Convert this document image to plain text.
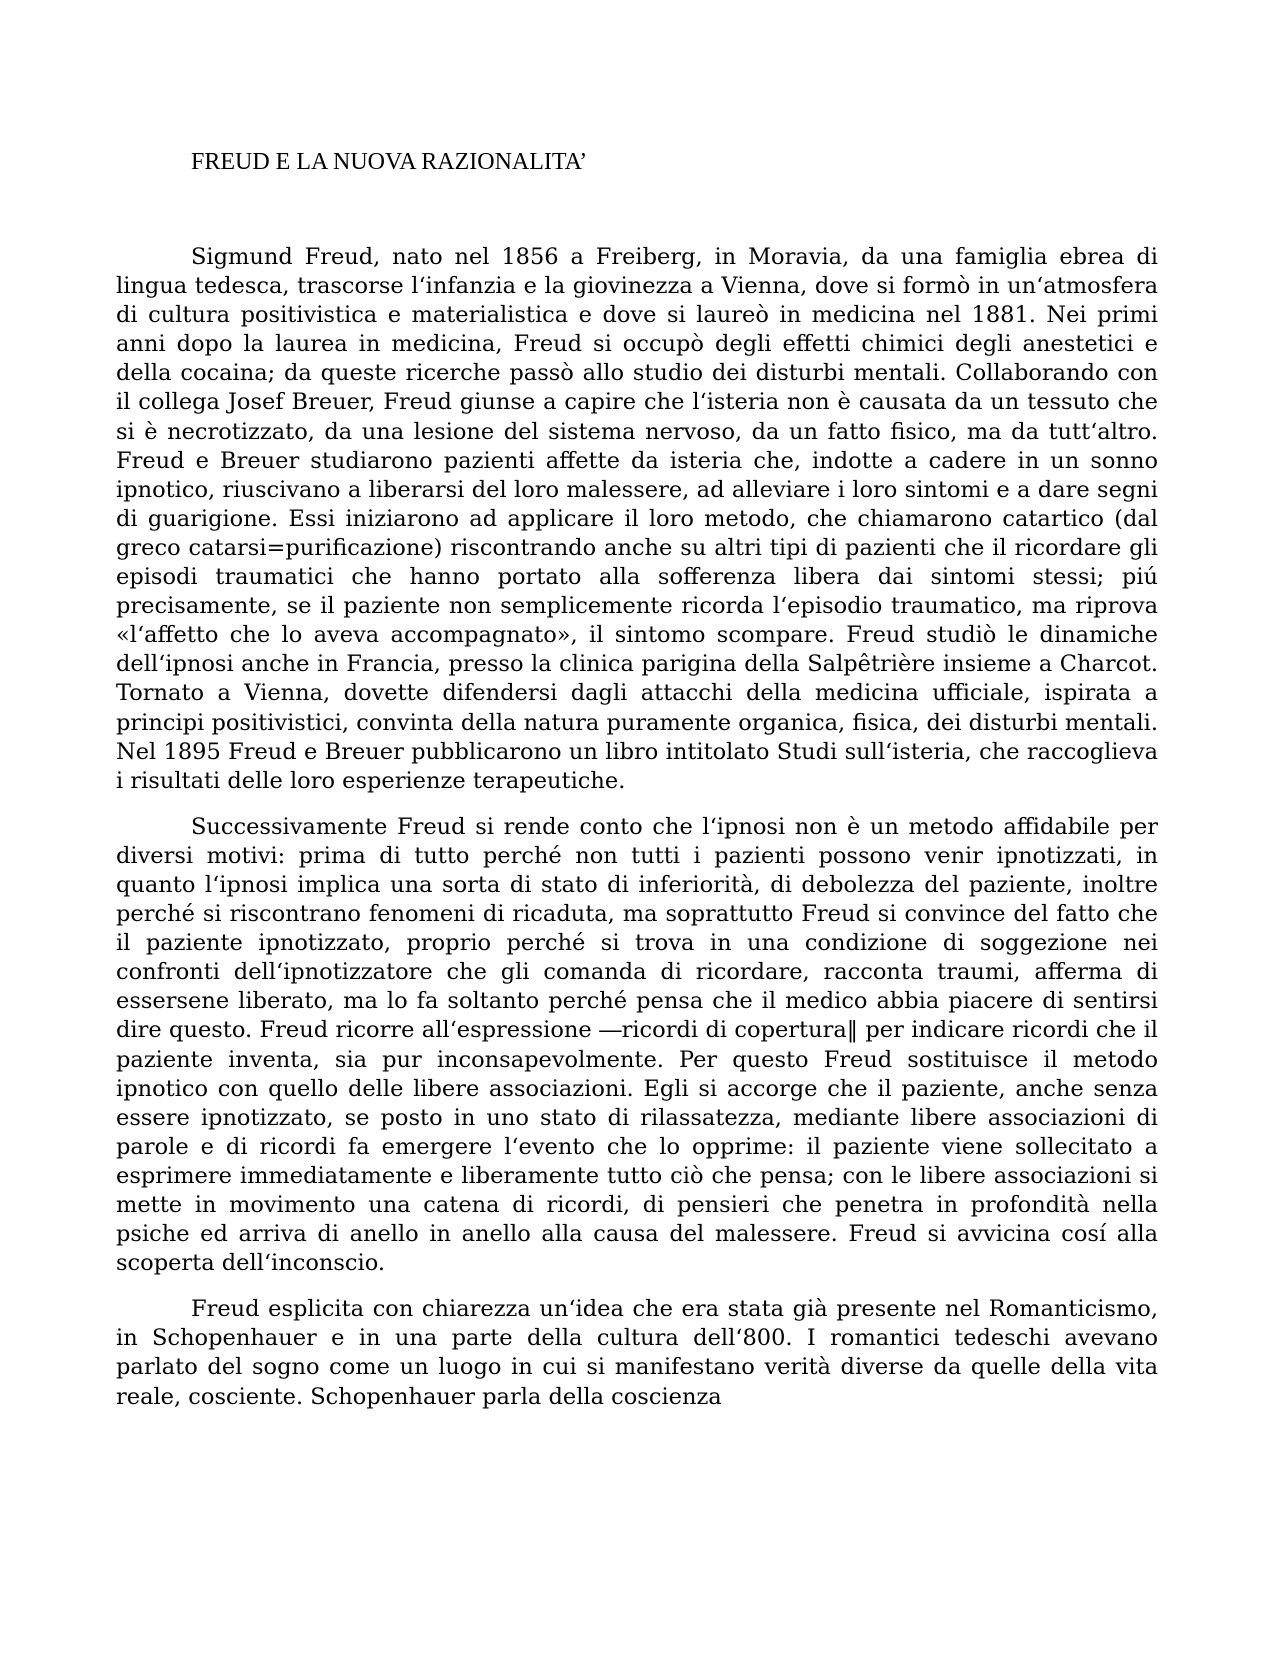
FREUD E LA NUOVA RAZIONALITA’

Sigmund Freud, nato nel 1856 a Freiberg, in Moravia, da una famiglia ebrea di lingua tedesca, trascorse l‘infanzia e la giovinezza a Vienna, dove si formò in un‘atmosfera di cultura positivistica e materialistica e dove si laureò in medicina nel 1881. Nei primi anni dopo la laurea in medicina, Freud si occupò degli effetti chimici degli anestetici e della cocaina; da queste ricerche passò allo studio dei disturbi mentali. Collaborando con il collega Josef Breuer, Freud giunse a capire che l‘isteria non è causata da un tessuto che si è necrotizzato, da una lesione del sistema nervoso, da un fatto fisico, ma da tutt‘altro. Freud e Breuer studiarono pazienti affette da isteria che, indotte a cadere in un sonno ipnotico, riuscivano a liberarsi del loro malessere, ad alleviare i loro sintomi e a dare segni di guarigione. Essi iniziarono ad applicare il loro metodo, che chiamarono catartico (dal greco catarsi=purificazione) riscontrando anche su altri tipi di pazienti che il ricordare gli episodi traumatici che hanno portato alla sofferenza libera dai sintomi stessi; piú precisamente, se il paziente non semplicemente ricorda l‘episodio traumatico, ma riprova «l‘affetto che lo aveva accompagnato», il sintomo scompare. Freud studiò le dinamiche dell‘ipnosi anche in Francia, presso la clinica parigina della Salpêtrière insieme a Charcot. Tornato a Vienna, dovette difendersi dagli attacchi della medicina ufficiale, ispirata a principi positivistici, convinta della natura puramente organica, fisica, dei disturbi mentali. Nel 1895 Freud e Breuer pubblicarono un libro intitolato Studi sull‘isteria, che raccoglieva i risultati delle loro esperienze terapeutiche.

Successivamente Freud si rende conto che l‘ipnosi non è un metodo affidabile per diversi motivi: prima di tutto perché non tutti i pazienti possono venir ipnotizzati, in quanto l‘ipnosi implica una sorta di stato di inferiorità, di debolezza del paziente, inoltre perché si riscontrano fenomeni di ricaduta, ma soprattutto Freud si convince del fatto che il paziente ipnotizzato, proprio perché si trova in una condizione di soggezione nei confronti dell‘ipnotizzatore che gli comanda di ricordare, racconta traumi, afferma di essersene liberato, ma lo fa soltanto perché pensa che il medico abbia piacere di sentirsi dire questo. Freud ricorre all‘espressione ―ricordi di copertura‖ per indicare ricordi che il paziente inventa, sia pur inconsapevolmente. Per questo Freud sostituisce il metodo ipnotico con quello delle libere associazioni. Egli si accorge che il paziente, anche senza essere ipnotizzato, se posto in uno stato di rilassatezza, mediante libere associazioni di parole e di ricordi fa emergere l‘evento che lo opprime: il paziente viene sollecitato a esprimere immediatamente e liberamente tutto ciò che pensa; con le libere associazioni si mette in movimento una catena di ricordi, di pensieri che penetra in profondità nella psiche ed arriva di anello in anello alla causa del malessere. Freud si avvicina cosí alla scoperta dell‘inconscio.

Freud esplicita con chiarezza un‘idea che era stata già presente nel Romanticismo, in Schopenhauer e in una parte della cultura dell‘800. I romantici tedeschi avevano parlato del sogno come un luogo in cui si manifestano verità diverse da quelle della vita reale, cosciente. Schopenhauer parla della coscienza
